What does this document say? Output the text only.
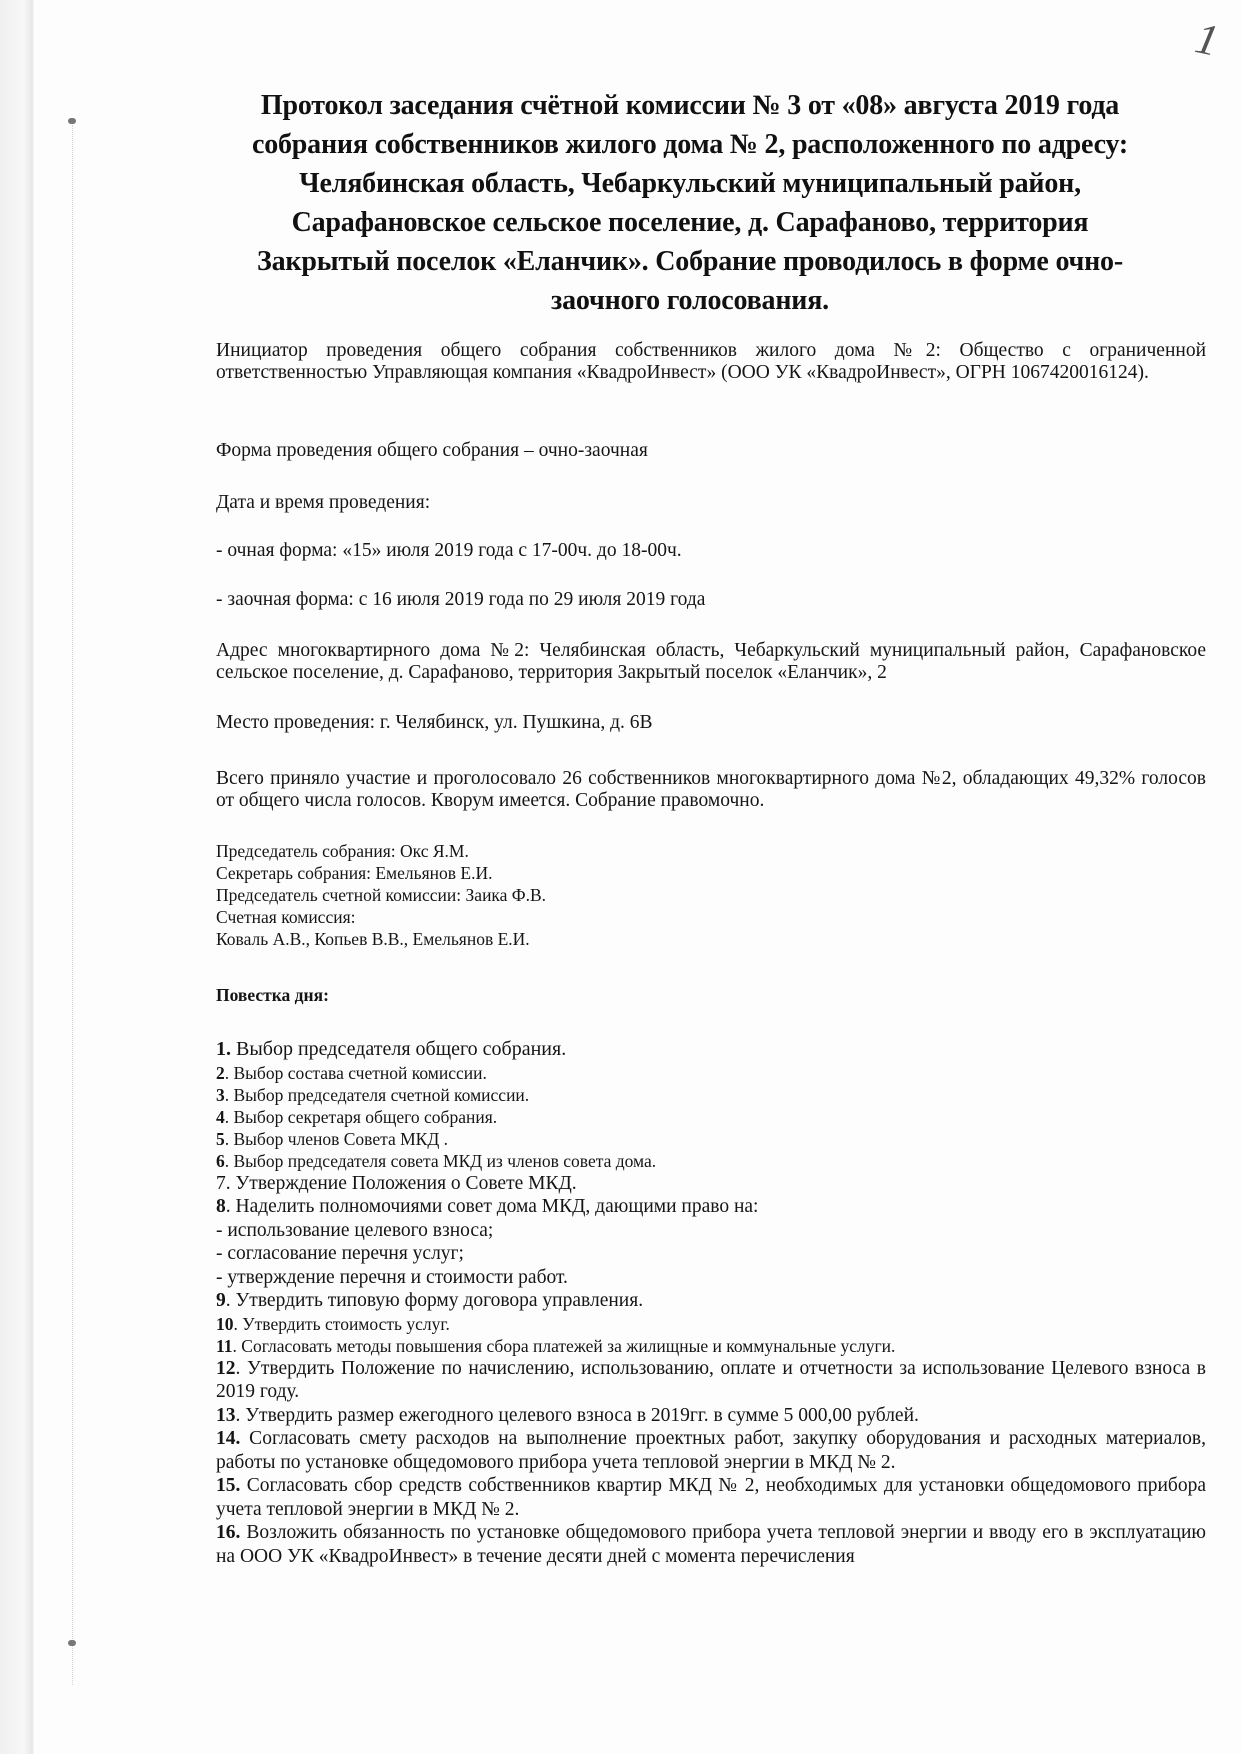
1
Протокол заседания счётной комиссии № 3 от «08» августа 2019 года
собрания собственников жилого дома № 2, расположенного по адресу:
Челябинская область, Чебаркульский муниципальный район,
Сарафановское сельское поселение, д. Сарафаново, территория
Закрытый поселок «Еланчик». Собрание проводилось в форме очно-
заочного голосования.

Инициатор проведения общего собрания собственников жилого дома №2: Общество с ограниченной ответственностью Управляющая компания «КвадроИнвест» (ООО УК «КвадроИнвест», ОГРН 1067420016124).

Форма проведения общего собрания – очно-заочная

Дата и время проведения:

- очная форма: «15» июля 2019 года с 17-00ч. до 18-00ч.

- заочная форма: с 16 июля 2019 года по 29 июля 2019 года

Адрес многоквартирного дома №2: Челябинская область, Чебаркульский муниципальный район, Сарафановское сельское поселение, д. Сарафаново, территория Закрытый поселок «Еланчик», 2

Место проведения: г. Челябинск, ул. Пушкина, д. 6В

Всего приняло участие и проголосовало 26 собственников многоквартирного дома №2, обладающих 49,32% голосов от общего числа голосов. Кворум имеется. Собрание правомочно.

Председатель собрания: Окс Я.М.
Секретарь собрания: Емельянов Е.И.
Председатель счетной комиссии: Заика Ф.В.
Счетная комиссия:
Коваль А.В., Копьев В.В., Емельянов Е.И.

Повестка дня:

1. Выбор председателя общего собрания.

2. Выбор состава счетной комиссии.

3. Выбор председателя счетной комиссии.

4. Выбор секретаря общего собрания.

5. Выбор членов Совета МКД .

6. Выбор председателя совета МКД из членов совета дома.

7. Утверждение Положения о Совете МКД.

8. Наделить полномочиями совет дома МКД, дающими право на:

- использование целевого взноса;

- согласование перечня услуг;

- утверждение перечня и стоимости работ.

9. Утвердить типовую форму договора управления.

10. Утвердить стоимость услуг.

11. Согласовать методы повышения сбора платежей за жилищные и коммунальные услуги.

12. Утвердить Положение по начислению, использованию, оплате и отчетности за использование Целевого взноса в 2019 году.

13. Утвердить размер ежегодного целевого взноса в 2019гг. в сумме 5 000,00 рублей.

14. Согласовать смету расходов на выполнение проектных работ, закупку оборудования и расходных материалов, работы по установке общедомового прибора учета тепловой энергии в МКД № 2.

15. Согласовать сбор средств собственников квартир МКД № 2, необходимых для установки общедомового прибора учета тепловой энергии в МКД № 2.

16. Возложить обязанность по установке общедомового прибора учета тепловой энергии и вводу его в эксплуатацию на ООО УК «КвадроИнвест» в течение десяти дней с момента перечисления
